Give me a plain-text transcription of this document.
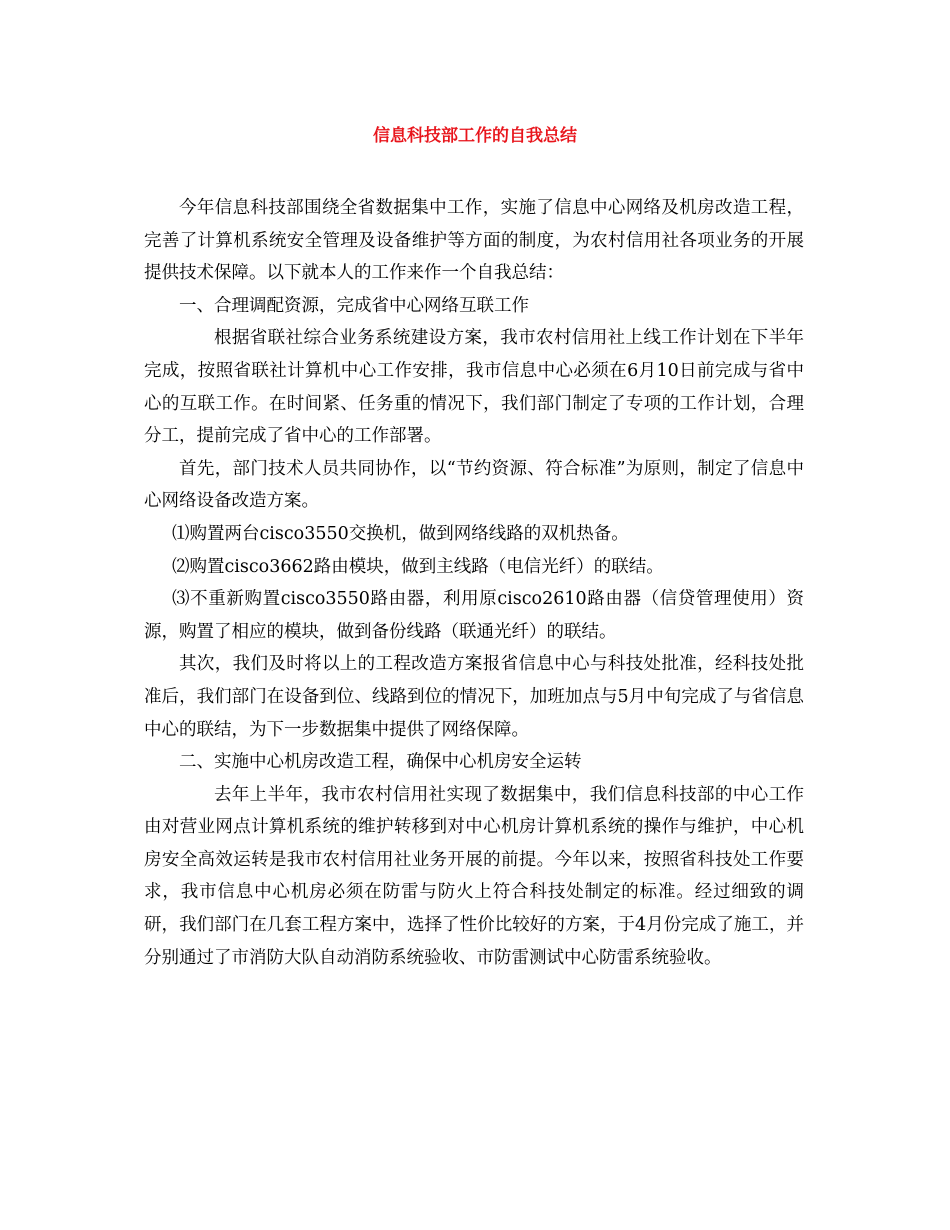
信息科技部工作的自我总结

今年信息科技部围绕全省数据集中工作，实施了信息中心网络及机房改造工程，完善了计算机系统安全管理及设备维护等方面的制度，为农村信用社各项业务的开展提供技术保障。以下就本人的工作来作一个自我总结：

一、合理调配资源，完成省中心网络互联工作

根据省联社综合业务系统建设方案，我市农村信用社上线工作计划在下半年完成，按照省联社计算机中心工作安排，我市信息中心必须在6月10日前完成与省中心的互联工作。在时间紧、任务重的情况下，我们部门制定了专项的工作计划，合理分工，提前完成了省中心的工作部署。

首先，部门技术人员共同协作，以“节约资源、符合标准”为原则，制定了信息中心网络设备改造方案。

⑴购置两台cisco3550交换机，做到网络线路的双机热备。

⑵购置cisco3662路由模块，做到主线路（电信光纤）的联结。

⑶不重新购置cisco3550路由器，利用原cisco2610路由器（信贷管理使用）资源，购置了相应的模块，做到备份线路（联通光纤）的联结。

其次，我们及时将以上的工程改造方案报省信息中心与科技处批准，经科技处批准后，我们部门在设备到位、线路到位的情况下，加班加点与5月中旬完成了与省信息中心的联结，为下一步数据集中提供了网络保障。

二、实施中心机房改造工程，确保中心机房安全运转

去年上半年，我市农村信用社实现了数据集中，我们信息科技部的中心工作由对营业网点计算机系统的维护转移到对中心机房计算机系统的操作与维护，中心机房安全高效运转是我市农村信用社业务开展的前提。今年以来，按照省科技处工作要求，我市信息中心机房必须在防雷与防火上符合科技处制定的标准。经过细致的调研，我们部门在几套工程方案中，选择了性价比较好的方案，于4月份完成了施工，并分别通过了市消防大队自动消防系统验收、市防雷测试中心防雷系统验收。
